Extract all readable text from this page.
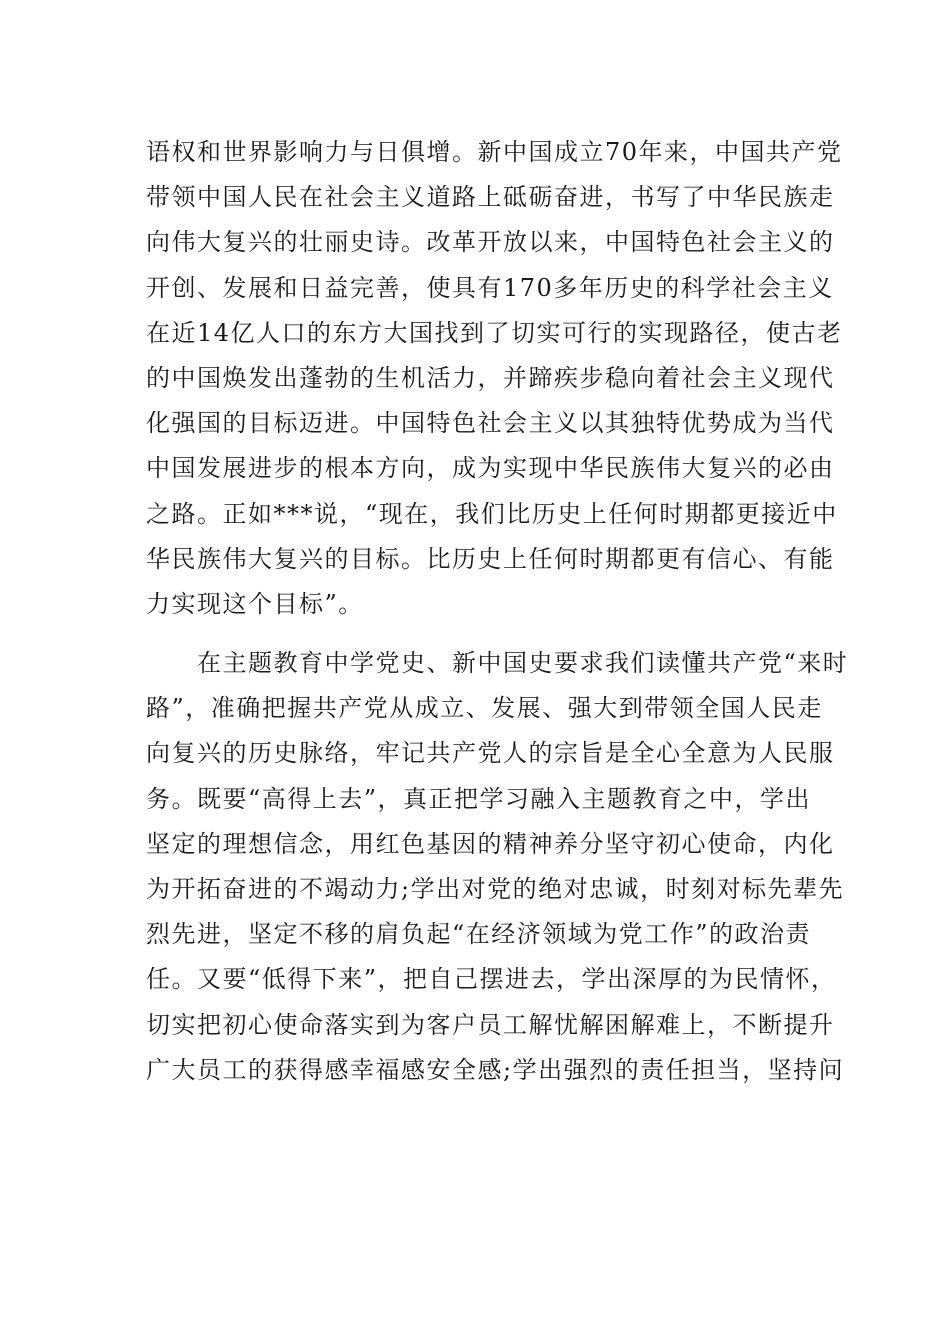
语权和世界影响力与日俱增。新中国成立70年来，中国共产党
带领中国人民在社会主义道路上砥砺奋进，书写了中华民族走
向伟大复兴的壮丽史诗。改革开放以来，中国特色社会主义的
开创、发展和日益完善，使具有170多年历史的科学社会主义
在近14亿人口的东方大国找到了切实可行的实现路径，使古老
的中国焕发出蓬勃的生机活力，并蹄疾步稳向着社会主义现代
化强国的目标迈进。中国特色社会主义以其独特优势成为当代
中国发展进步的根本方向，成为实现中华民族伟大复兴的必由
之路。正如***说，“现在，我们比历史上任何时期都更接近中
华民族伟大复兴的目标。比历史上任何时期都更有信心、有能
力实现这个目标”。
　　在主题教育中学党史、新中国史要求我们读懂共产党“来时
路”，准确把握共产党从成立、发展、强大到带领全国人民走
向复兴的历史脉络，牢记共产党人的宗旨是全心全意为人民服
务。既要“高得上去”，真正把学习融入主题教育之中，学出
坚定的理想信念，用红色基因的精神养分坚守初心使命，内化
为开拓奋进的不竭动力;学出对党的绝对忠诚，时刻对标先辈先
烈先进，坚定不移的肩负起“在经济领域为党工作”的政治责
任。又要“低得下来”，把自己摆进去，学出深厚的为民情怀，
切实把初心使命落实到为客户员工解忧解困解难上，不断提升
广大员工的获得感幸福感安全感;学出强烈的责任担当，坚持问
